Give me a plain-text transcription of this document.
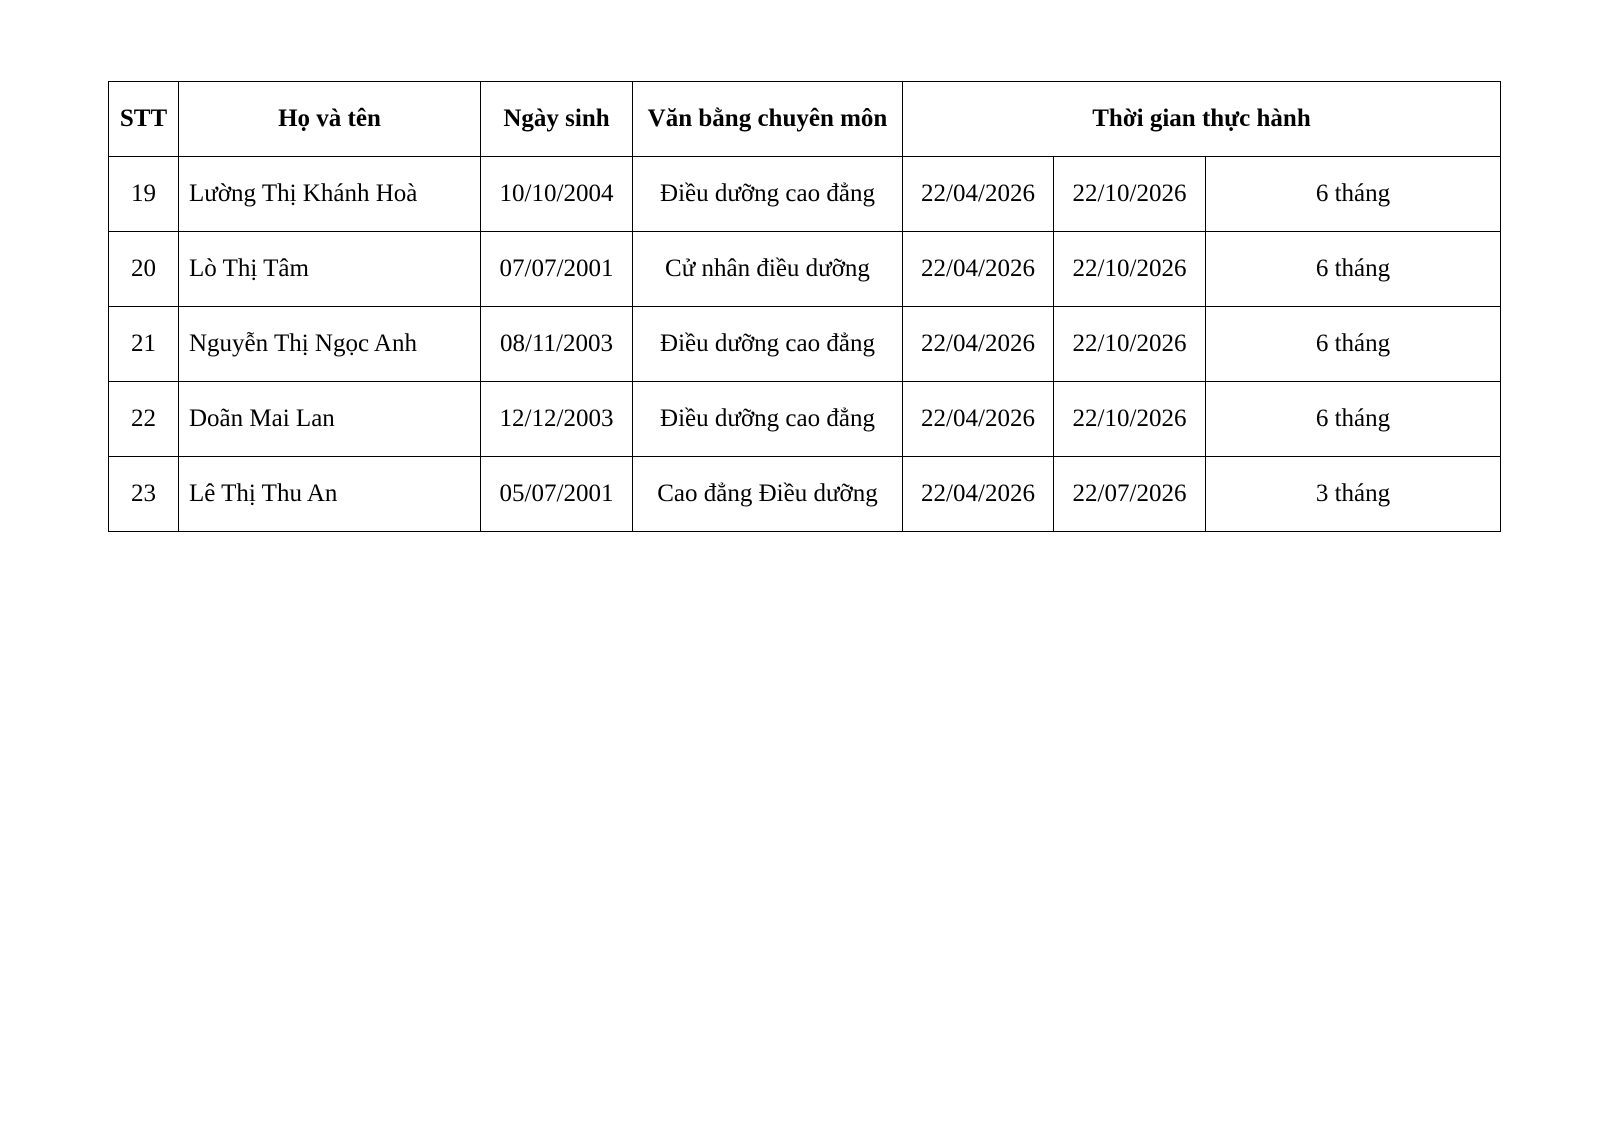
STT	Họ và tên	Ngày sinh	Văn bằng chuyên môn	Thời gian thực hành		
19	Lường Thị Khánh Hoà	10/10/2004	Điều dưỡng cao đẳng	22/04/2026	22/10/2026	6 tháng
20	Lò Thị Tâm	07/07/2001	Cử nhân điều dưỡng	22/04/2026	22/10/2026	6 tháng
21	Nguyễn Thị Ngọc Anh	08/11/2003	Điều dưỡng cao đẳng	22/04/2026	22/10/2026	6 tháng
22	Doãn Mai Lan	12/12/2003	Điều dưỡng cao đẳng	22/04/2026	22/10/2026	6 tháng
23	Lê Thị Thu An	05/07/2001	Cao đẳng Điều dưỡng	22/04/2026	22/07/2026	3 tháng
